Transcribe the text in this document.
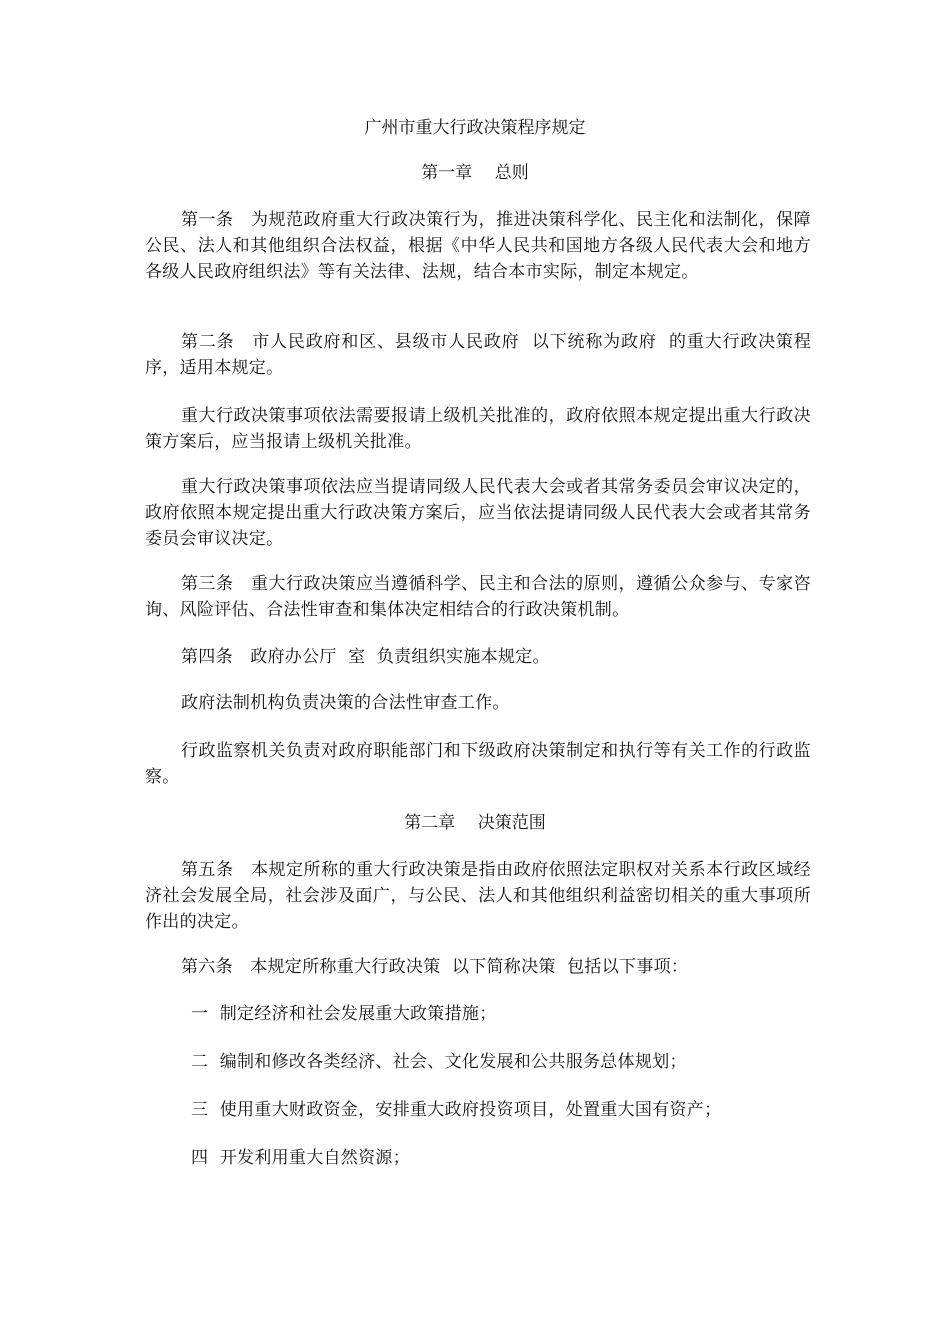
广州市重大行政决策程序规定
第一章　 总则
第一条　为规范政府重大行政决策行为，推进决策科学化、民主化和法制化，保障公民、法人和其他组织合法权益，根据《中华人民共和国地方各级人民代表大会和地方各级人民政府组织法》等有关法律、法规，结合本市实际，制定本规定。
第二条　市人民政府和区、县级市人民政府  以下统称为政府  的重大行政决策程序，适用本规定。
重大行政决策事项依法需要报请上级机关批准的，政府依照本规定提出重大行政决策方案后，应当报请上级机关批准。
重大行政决策事项依法应当提请同级人民代表大会或者其常务委员会审议决定的，政府依照本规定提出重大行政决策方案后，应当依法提请同级人民代表大会或者其常务委员会审议决定。
第三条　重大行政决策应当遵循科学、民主和合法的原则，遵循公众参与、专家咨询、风险评估、合法性审查和集体决定相结合的行政决策机制。
第四条　政府办公厅  室  负责组织实施本规定。
政府法制机构负责决策的合法性审查工作。
行政监察机关负责对政府职能部门和下级政府决策制定和执行等有关工作的行政监察。
第二章　 决策范围
第五条　本规定所称的重大行政决策是指由政府依照法定职权对关系本行政区域经济社会发展全局，社会涉及面广，与公民、法人和其他组织利益密切相关的重大事项所作出的决定。
第六条　本规定所称重大行政决策  以下简称决策  包括以下事项：
一  制定经济和社会发展重大政策措施；
二  编制和修改各类经济、社会、文化发展和公共服务总体规划；
三  使用重大财政资金，安排重大政府投资项目，处置重大国有资产；
四  开发利用重大自然资源；
